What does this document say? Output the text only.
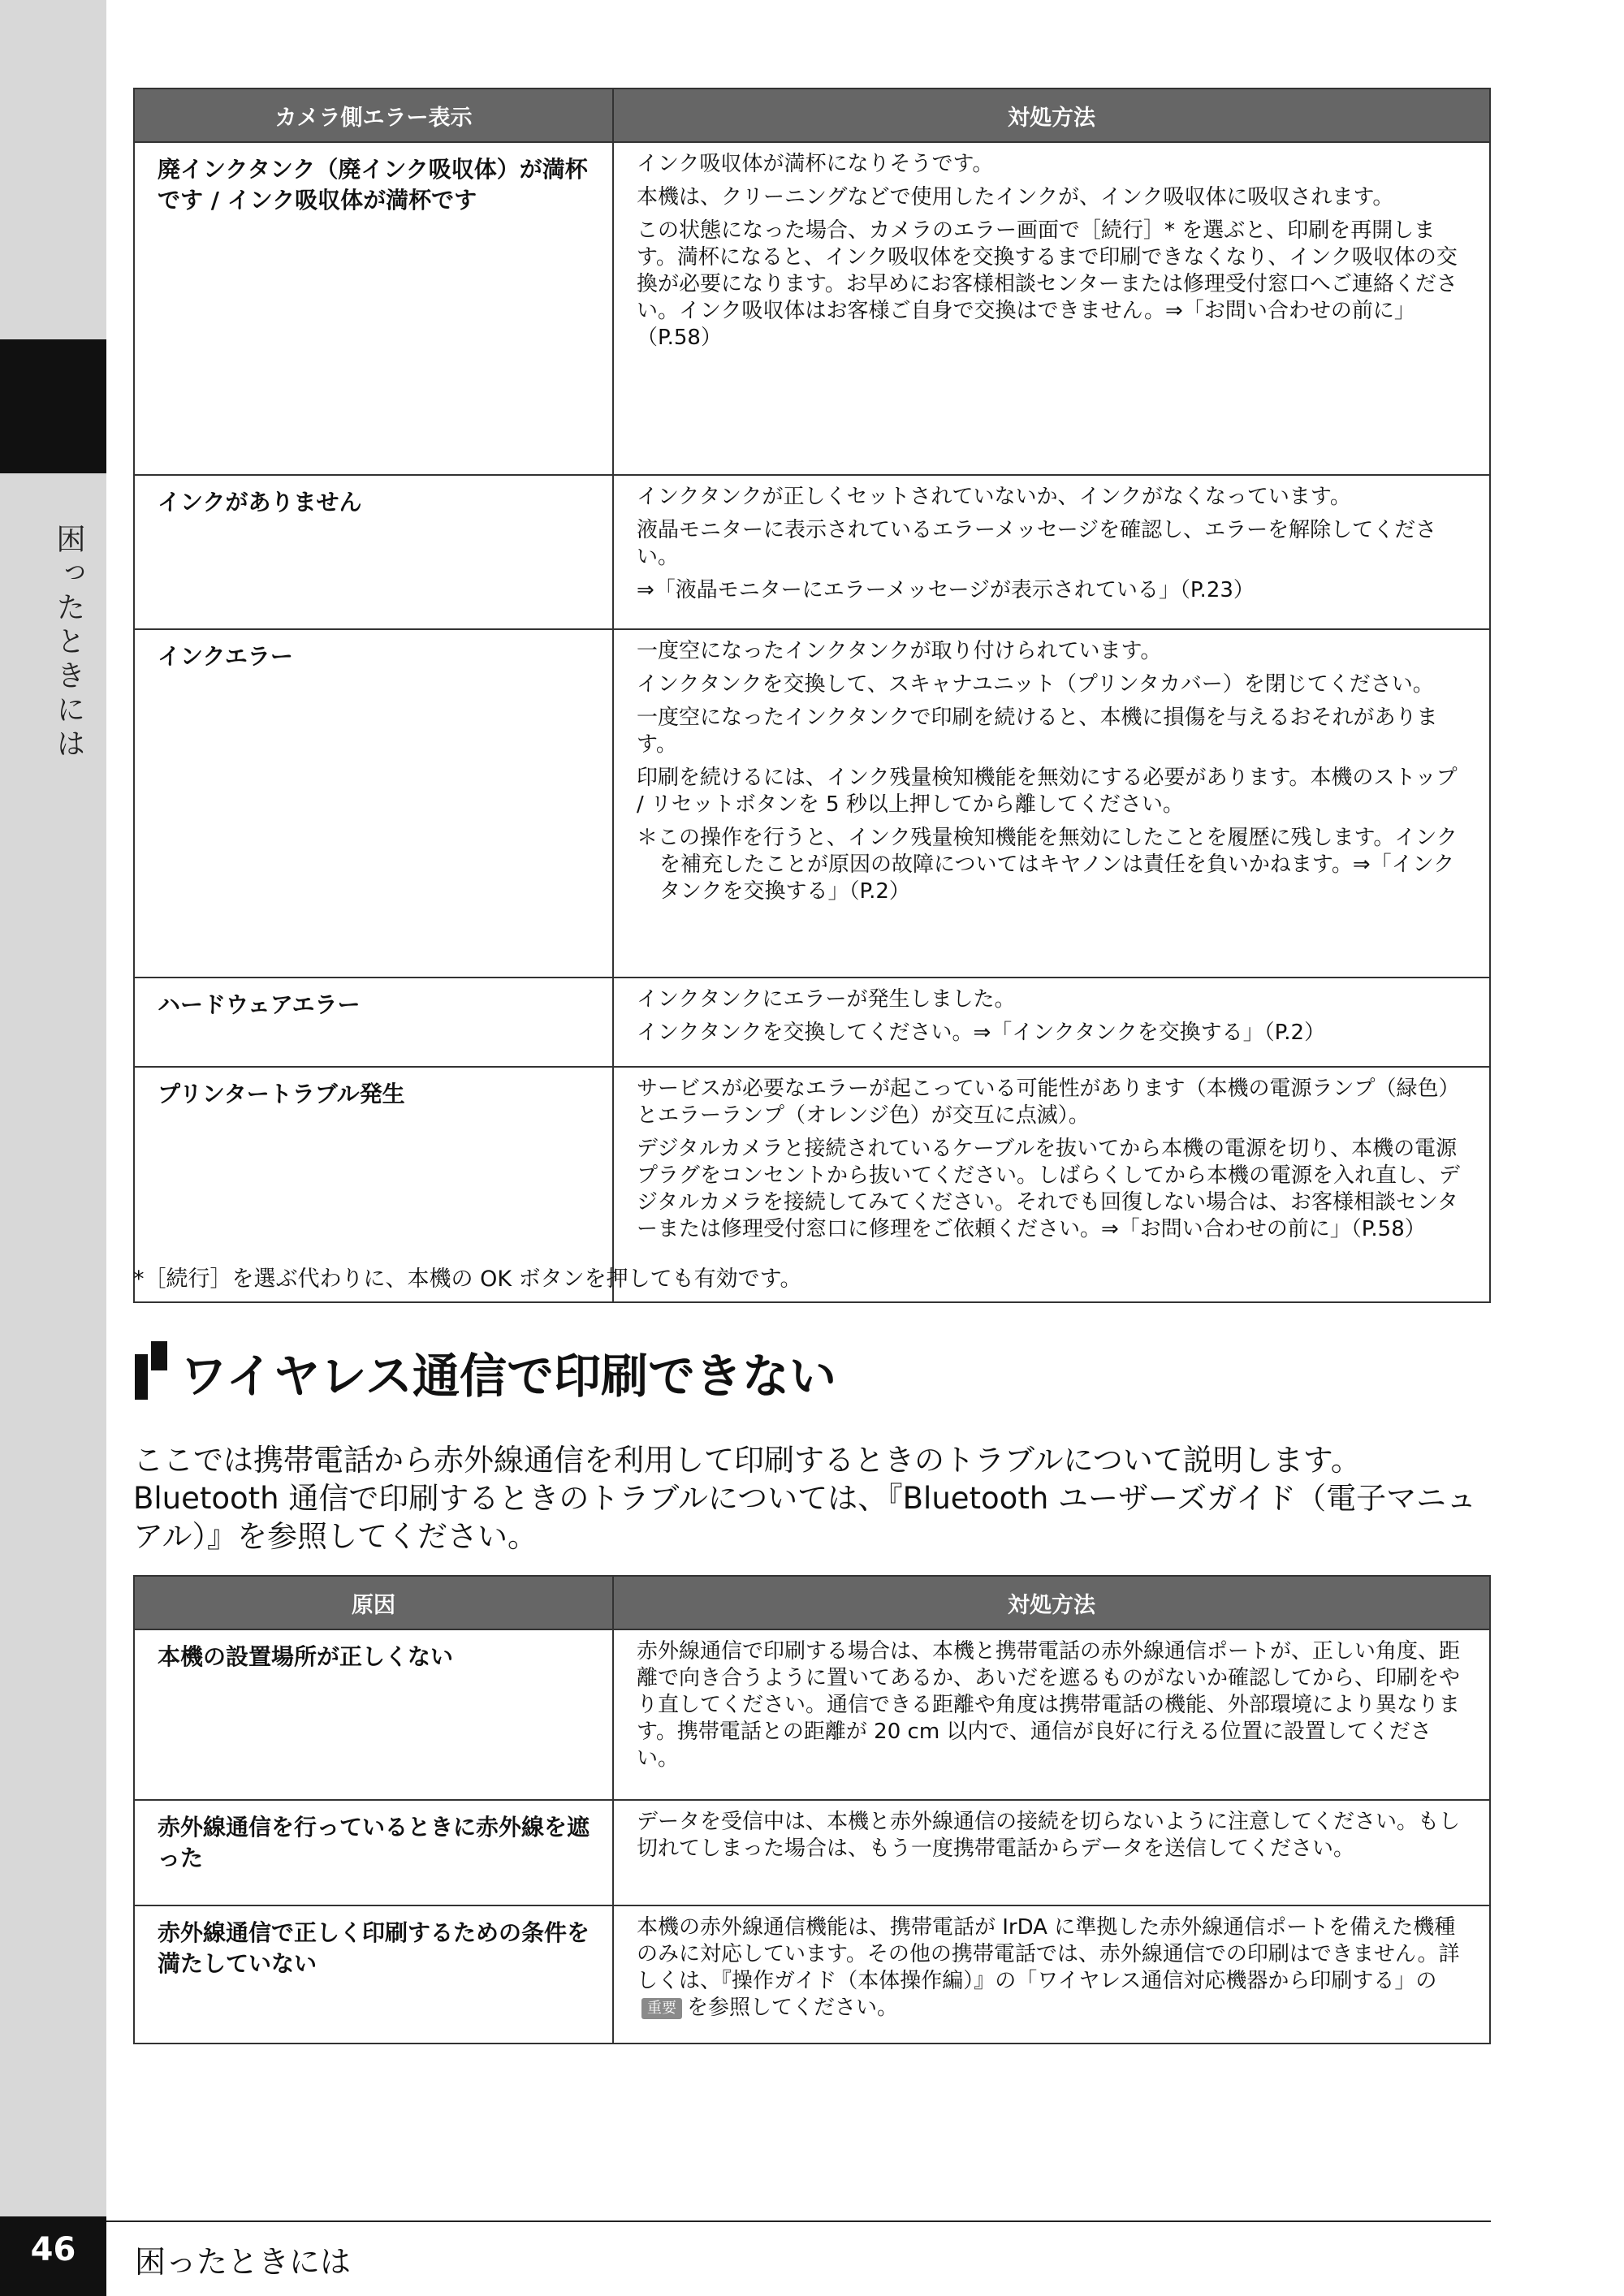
困ったときには
カメラ側エラー表示	対処方法
廃インクタンク（廃インク吸収体）が満杯です / インク吸収体が満杯です	インク吸収体が満杯になりそうです。

本機は、クリーニングなどで使用したインクが、インク吸収体に吸収されます。

この状態になった場合、カメラのエラー画面で［続行］* を選ぶと、印刷を再開します。満杯になると、インク吸収体を交換するまで印刷できなくなり、インク吸収体の交換が必要になります。お早めにお客様相談センターまたは修理受付窓口へご連絡ください。インク吸収体はお客様ご自身で交換はできません。⇒「お問い合わせの前に」（P.58）

インクがありません	インクタンクが正しくセットされていないか、インクがなくなっています。

液晶モニターに表示されているエラーメッセージを確認し、エラーを解除してください。

⇒「液晶モニターにエラーメッセージが表示されている」（P.23）

インクエラー	一度空になったインクタンクが取り付けられています。

インクタンクを交換して、スキャナユニット（プリンタカバー）を閉じてください。

一度空になったインクタンクで印刷を続けると、本機に損傷を与えるおそれがあります。

印刷を続けるには、インク残量検知機能を無効にする必要があります。本機のストップ / リセットボタンを 5 秒以上押してから離してください。

＊この操作を行うと、インク残量検知機能を無効にしたことを履歴に残します。インクを補充したことが原因の故障についてはキヤノンは責任を負いかねます。⇒「インクタンクを交換する」（P.2）

ハードウェアエラー	インクタンクにエラーが発生しました。

インクタンクを交換してください。⇒「インクタンクを交換する」（P.2）

プリンタートラブル発生	サービスが必要なエラーが起こっている可能性があります（本機の電源ランプ（緑色）とエラーランプ（オレンジ色）が交互に点滅）。

デジタルカメラと接続されているケーブルを抜いてから本機の電源を切り、本機の電源プラグをコンセントから抜いてください。しばらくしてから本機の電源を入れ直し、デジタルカメラを接続してみてください。それでも回復しない場合は、お客様相談センターまたは修理受付窓口に修理をご依頼ください。⇒「お問い合わせの前に」（P.58）

*［続行］を選ぶ代わりに、本機の OK ボタンを押しても有効です。
ワイヤレス通信で印刷できない
ここでは携帯電話から赤外線通信を利用して印刷するときのトラブルについて説明します。Bluetooth 通信で印刷するときのトラブルについては、『Bluetooth ユーザーズガイド（電子マニュアル）』を参照してください。
原因	対処方法
本機の設置場所が正しくない	赤外線通信で印刷する場合は、本機と携帯電話の赤外線通信ポートが、正しい角度、距離で向き合うように置いてあるか、あいだを遮るものがないか確認してから、印刷をやり直してください。通信できる距離や角度は携帯電話の機能、外部環境により異なります。携帯電話との距離が 20 cm 以内で、通信が良好に行える位置に設置してください。

赤外線通信を行っているときに赤外線を遮った	データを受信中は、本機と赤外線通信の接続を切らないように注意してください。もし切れてしまった場合は、もう一度携帯電話からデータを送信してください。

赤外線通信で正しく印刷するための条件を満たしていない	本機の赤外線通信機能は、携帯電話が IrDA に準拠した赤外線通信ポートを備えた機種のみに対応しています。その他の携帯電話では、赤外線通信での印刷はできません。詳しくは、『操作ガイド（本体操作編）』の「ワイヤレス通信対応機器から印刷する」の重要 を参照してください。

46	困ったときには
